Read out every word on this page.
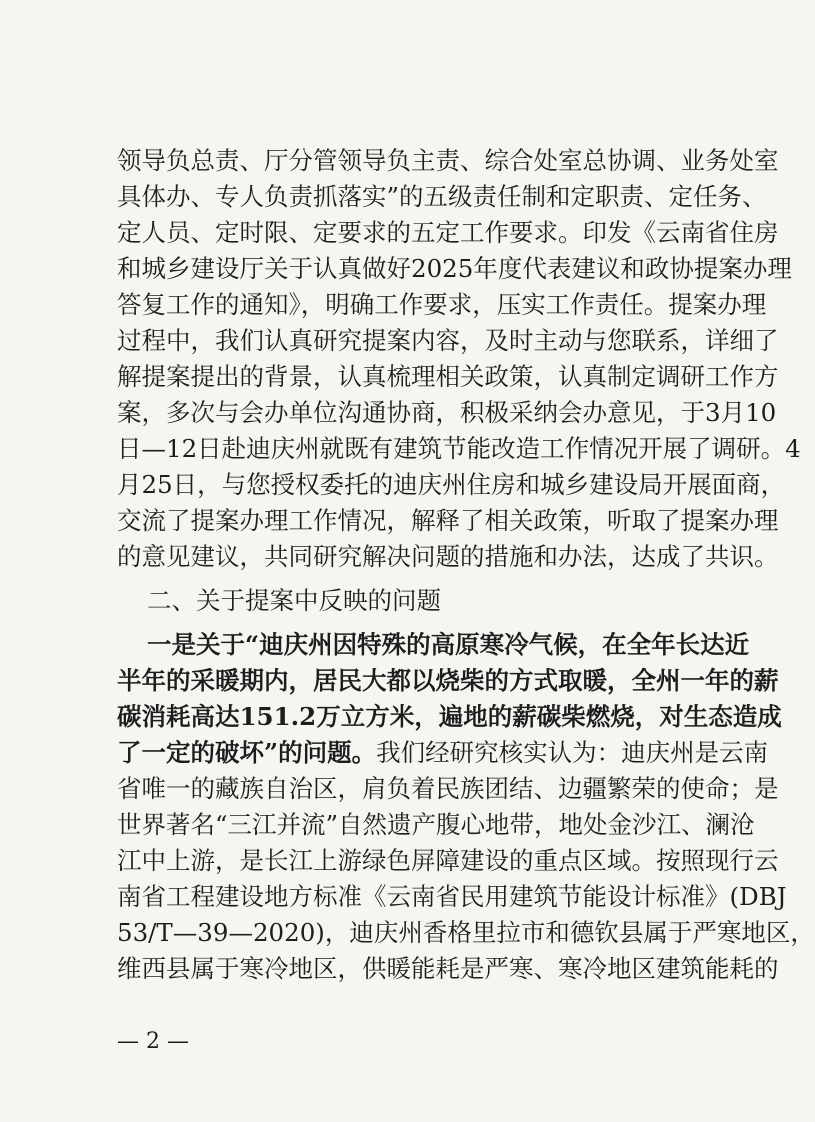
领导负总责、厅分管领导负主责、综合处室总协调、业务处室
具体办、专人负责抓落实”的五级责任制和定职责、定任务、
定人员、定时限、定要求的五定工作要求。印发《云南省住房
和城乡建设厅关于认真做好2025年度代表建议和政协提案办理
答复工作的通知》，明确工作要求，压实工作责任。提案办理
过程中，我们认真研究提案内容，及时主动与您联系，详细了
解提案提出的背景，认真梳理相关政策，认真制定调研工作方
案，多次与会办单位沟通协商，积极采纳会办意见，于3月10
日—12日赴迪庆州就既有建筑节能改造工作情况开展了调研。4
月25日，与您授权委托的迪庆州住房和城乡建设局开展面商，
交流了提案办理工作情况，解释了相关政策，听取了提案办理
的意见建议，共同研究解决问题的措施和办法，达成了共识。
二、关于提案中反映的问题
一是关于“迪庆州因特殊的高原寒冷气候，在全年长达近
半年的采暖期内，居民大都以烧柴的方式取暖，全州一年的薪
碳消耗高达151.2万立方米，遍地的薪碳柴燃烧，对生态造成
了一定的破坏”的问题。我们经研究核实认为：迪庆州是云南
省唯一的藏族自治区，肩负着民族团结、边疆繁荣的使命；是
世界著名“三江并流”自然遗产腹心地带，地处金沙江、澜沧
江中上游，是长江上游绿色屏障建设的重点区域。按照现行云
南省工程建设地方标准《云南省民用建筑节能设计标准》(DBJ
53/T—39—2020)，迪庆州香格里拉市和德钦县属于严寒地区，
维西县属于寒冷地区，供暖能耗是严寒、寒冷地区建筑能耗的
— 2 —
